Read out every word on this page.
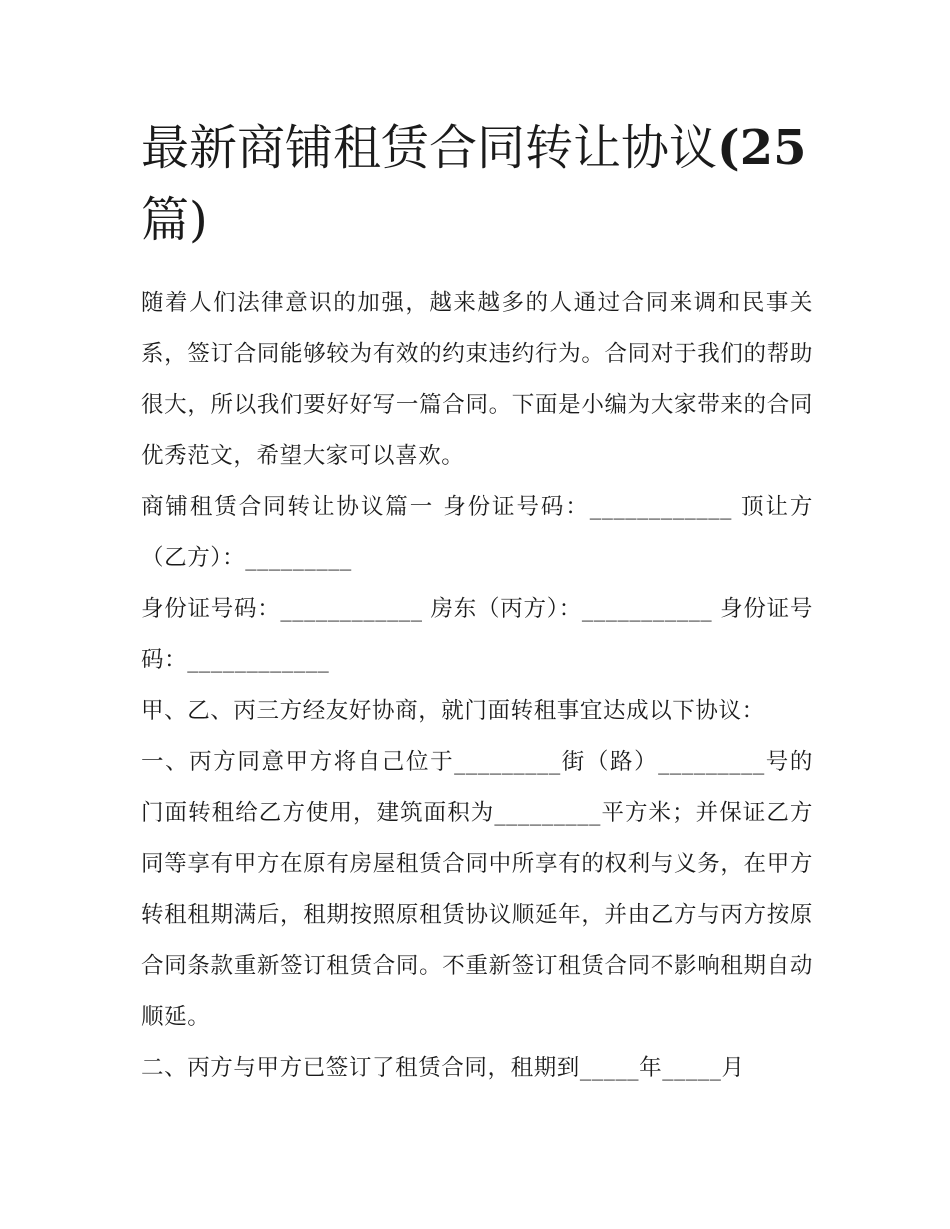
最新商铺租赁合同转让协议(25
篇)

随着人们法律意识的加强，越来越多的人通过合同来调和民事关系，签订合同能够较为有效的约束违约行为。合同对于我们的帮助很大，所以我们要好好写一篇合同。下面是小编为大家带来的合同优秀范文，希望大家可以喜欢。

商铺租赁合同转让协议篇一 身份证号码：____________ 顶让方（乙方）：_________

身份证号码：____________ 房东（丙方）：___________ 身份证号码：____________

甲、乙、丙三方经友好协商，就门面转租事宜达成以下协议：

一、丙方同意甲方将自己位于_________街（路）_________号的门面转租给乙方使用，建筑面积为_________平方米；并保证乙方同等享有甲方在原有房屋租赁合同中所享有的权利与义务，在甲方转租租期满后，租期按照原租赁协议顺延年，并由乙方与丙方按原合同条款重新签订租赁合同。不重新签订租赁合同不影响租期自动顺延。

二、丙方与甲方已签订了租赁合同，租期到_____年_____月
